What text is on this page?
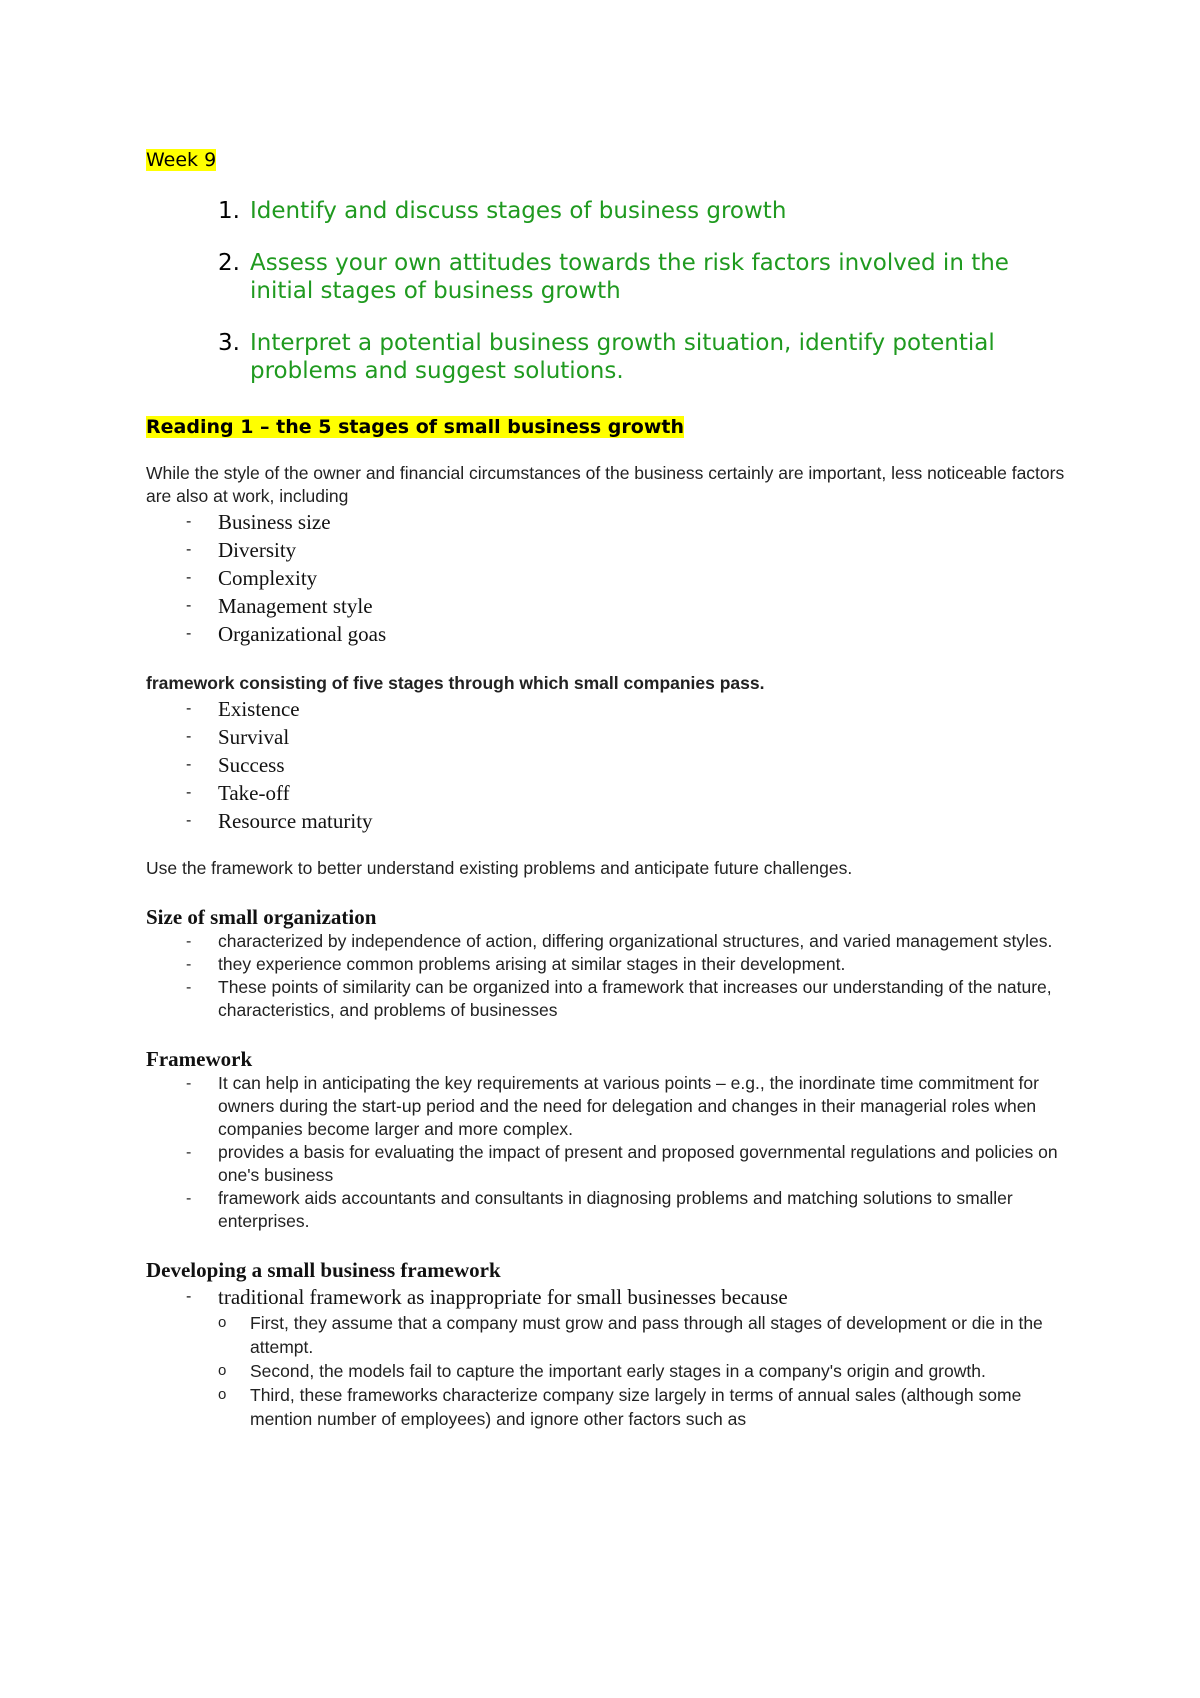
Week 9

1. Identify and discuss stages of business growth
2. Assess your own attitudes towards the risk factors involved in the initial stages of business growth
3. Interpret a potential business growth situation, identify potential problems and suggest solutions.

Reading 1 – the 5 stages of small business growth

While the style of the owner and financial circumstances of the business certainly are important, less noticeable factors are also at work, including

-	Business size
-	Diversity
-	Complexity
-	Management style
-	Organizational goas

framework consisting of five stages through which small companies pass.

-	Existence
-	Survival
-	Success
-	Take-off
-	Resource maturity

Use the framework to better understand existing problems and anticipate future challenges.

Size of small organization

-	characterized by independence of action, differing organizational structures, and varied management styles.
-	they experience common problems arising at similar stages in their development.
-	These points of similarity can be organized into a framework that increases our understanding of the nature, characteristics, and problems of businesses

Framework

-	It can help in anticipating the key requirements at various points – e.g., the inordinate time commitment for owners during the start-up period and the need for delegation and changes in their managerial roles when companies become larger and more complex.
-	provides a basis for evaluating the impact of present and proposed governmental regulations and policies on one's business
-	framework aids accountants and consultants in diagnosing problems and matching solutions to smaller enterprises.

Developing a small business framework

-	traditional framework as inappropriate for small businesses because
o	First, they assume that a company must grow and pass through all stages of development or die in the attempt.
o	Second, the models fail to capture the important early stages in a company's origin and growth.
o	Third, these frameworks characterize company size largely in terms of annual sales (although some mention number of employees) and ignore other factors such as
